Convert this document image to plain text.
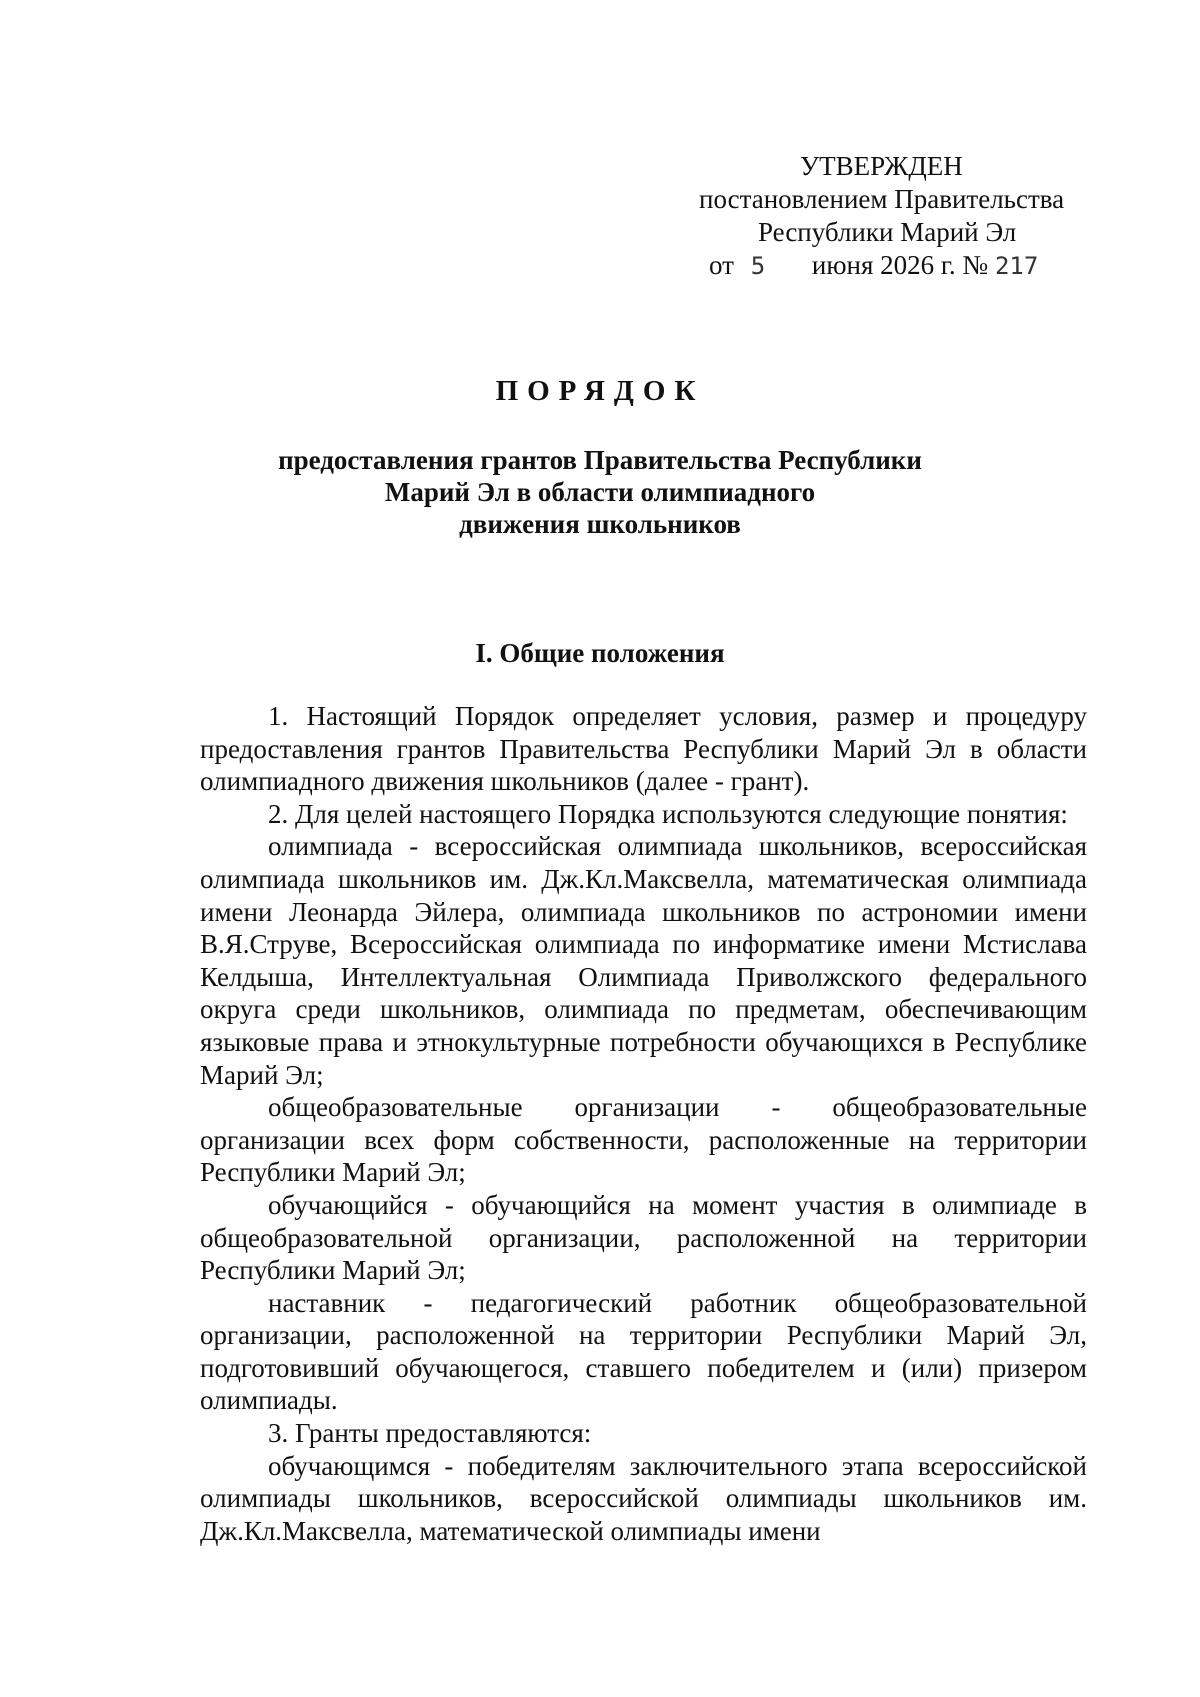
УТВЕРЖДЕН
постановлением Правительства
Республики Марий Эл
от 5 июня 2026 г. № 217
ПОРЯДОК
предоставления грантов Правительства Республики
Марий Эл в области олимпиадного
движения школьников
I. Общие положения

1. Настоящий Порядок определяет условия, размер и процедуру предоставления грантов Правительства Республики Марий Эл в области олимпиадного движения школьников (далее - грант).

2. Для целей настоящего Порядка используются следующие понятия:

олимпиада - всероссийская олимпиада школьников, всероссийская олимпиада школьников им. Дж.Кл.Максвелла, математическая олимпиада имени Леонарда Эйлера, олимпиада школьников по астрономии имени В.Я.Струве, Всероссийская олимпиада по информатике имени Мстислава Келдыша, Интеллектуальная Олимпиада Приволжского федерального округа среди школьников, олимпиада по предметам, обеспечивающим языковые права и этнокультурные потребности обучающихся в Республике Марий Эл;

общеобразовательные организации - общеобразовательные организации всех форм собственности, расположенные на территории Республики Марий Эл;

обучающийся - обучающийся на момент участия в олимпиаде в общеобразовательной организации, расположенной на территории Республики Марий Эл;

наставник - педагогический работник общеобразовательной организации, расположенной на территории Республики Марий Эл, подготовивший обучающегося, ставшего победителем и (или) призером олимпиады.

3. Гранты предоставляются:

обучающимся - победителям заключительного этапа всероссийской олимпиады школьников, всероссийской олимпиады школьников им. Дж.Кл.Максвелла, математической олимпиады имени
